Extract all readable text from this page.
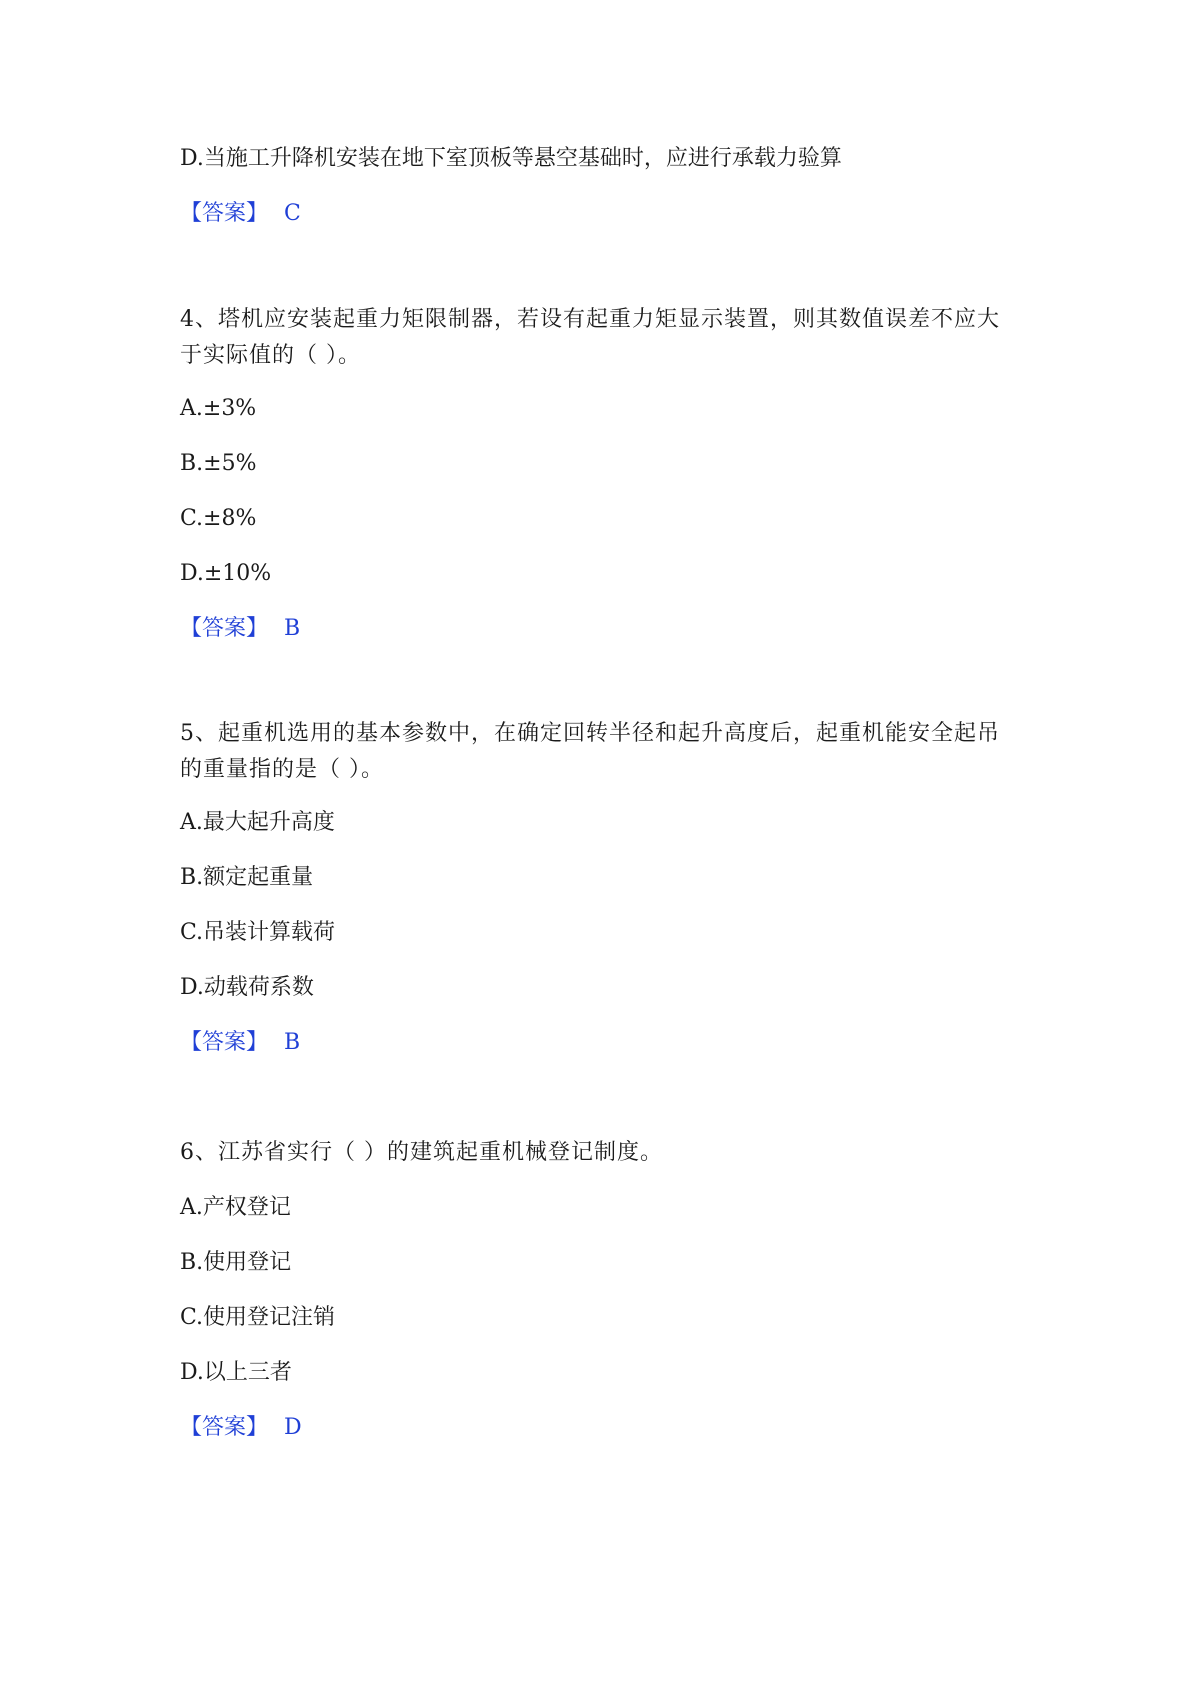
D.当施工升降机安装在地下室顶板等悬空基础时，应进行承载力验算
【答案】 C
4、塔机应安装起重力矩限制器，若设有起重力矩显示装置，则其数值误差不应大于实际值的（ ）。
A.±3%
B.±5%
C.±8%
D.±10%
【答案】 B
5、起重机选用的基本参数中，在确定回转半径和起升高度后，起重机能安全起吊的重量指的是（ ）。
A.最大起升高度
B.额定起重量
C.吊装计算载荷
D.动载荷系数
【答案】 B
6、江苏省实行（ ）的建筑起重机械登记制度。
A.产权登记
B.使用登记
C.使用登记注销
D.以上三者
【答案】 D
